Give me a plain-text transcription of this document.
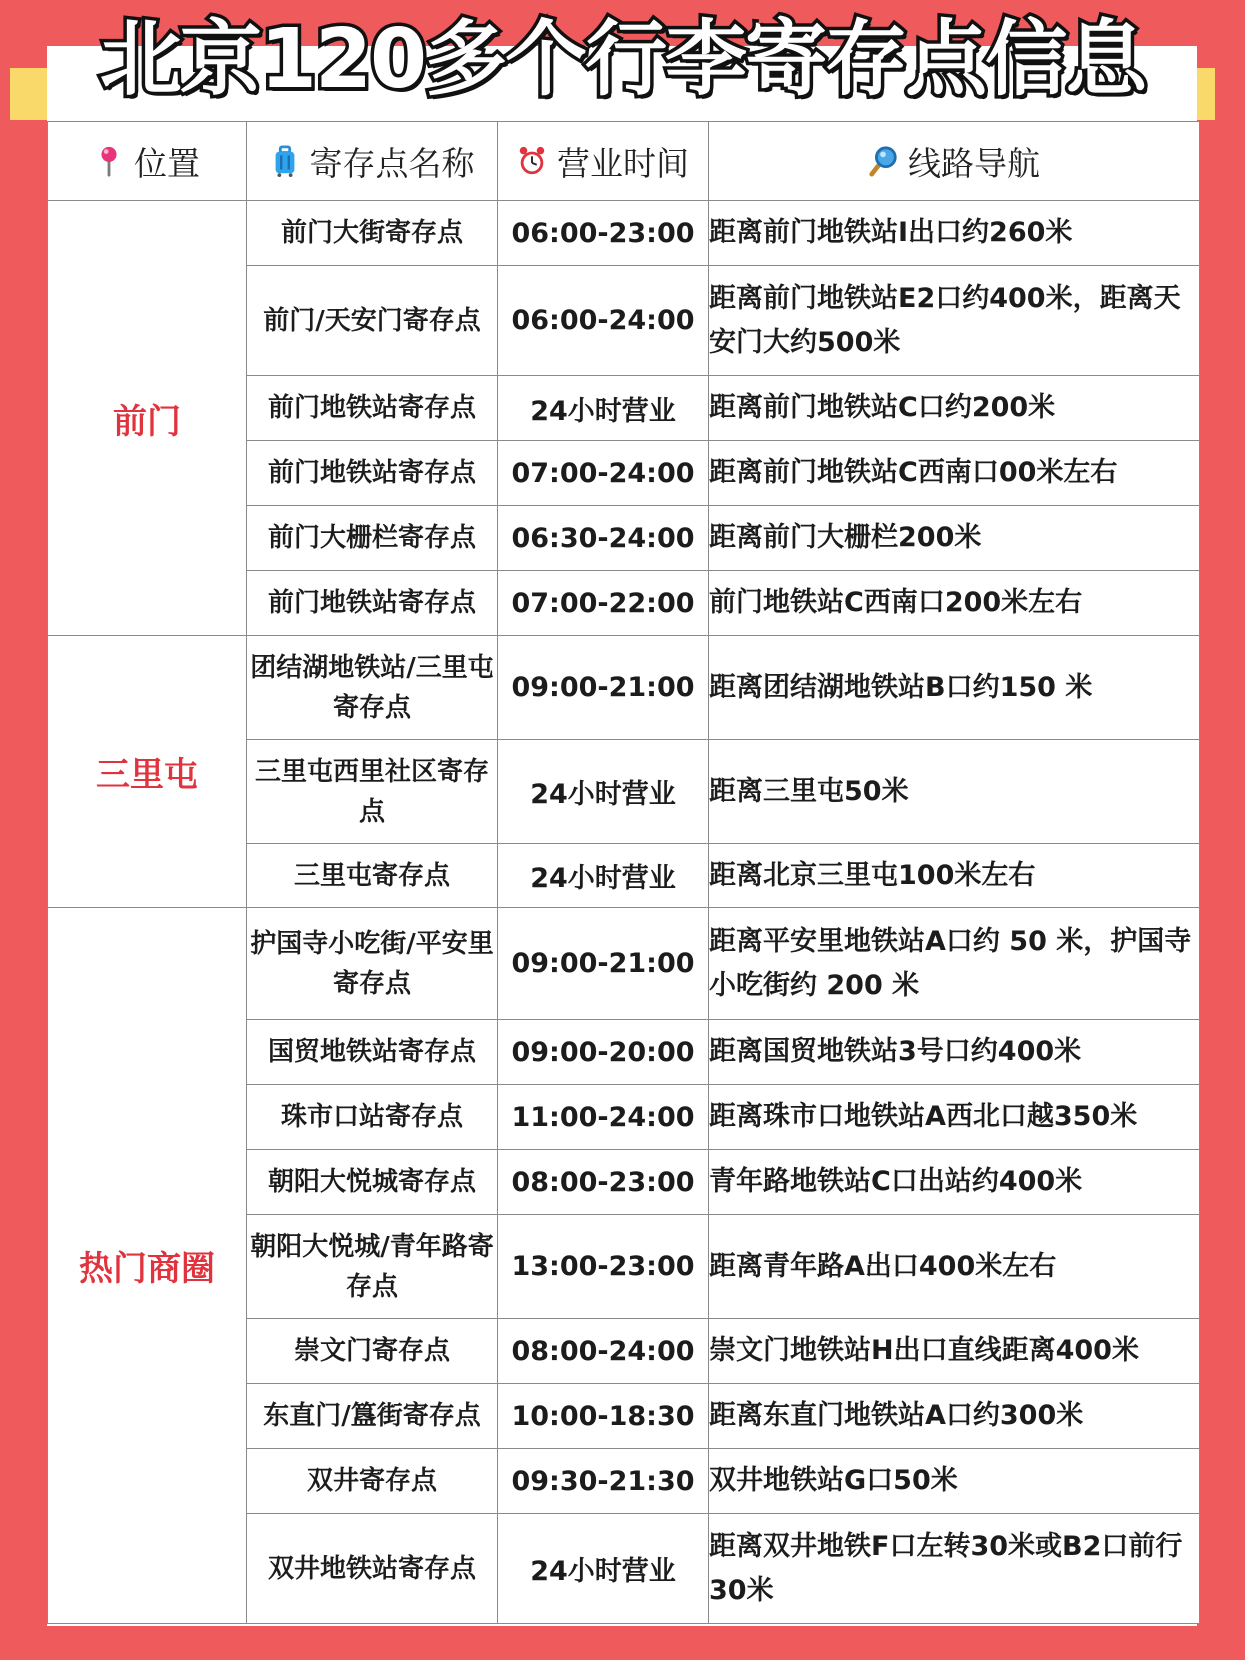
北京120多个行李寄存点信息
位置	寄存点名称	营业时间	线路导航

前门	前门大街寄存点	06:00-23:00	距离前门地铁站I出口约260米
	前门/天安门寄存点	06:00-24:00	距离前门地铁站E2口约400米，距离天安门大约500米
	前门地铁站寄存点	24小时营业	距离前门地铁站C口约200米
	前门地铁站寄存点	07:00-24:00	距离前门地铁站C西南口00米左右
	前门大栅栏寄存点	06:30-24:00	距离前门大栅栏200米
	前门地铁站寄存点	07:00-22:00	前门地铁站C西南口200米左右
三里屯	团结湖地铁站/三里屯寄存点	09:00-21:00	距离团结湖地铁站B口约150 米
	三里屯西里社区寄存点	24小时营业	距离三里屯50米
	三里屯寄存点	24小时营业	距离北京三里屯100米左右
热门商圈	护国寺小吃街/平安里寄存点	09:00-21:00	距离平安里地铁站A口约 50 米，护国寺小吃街约 200 米
	国贸地铁站寄存点	09:00-20:00	距离国贸地铁站3号口约400米
	珠市口站寄存点	11:00-24:00	距离珠市口地铁站A西北口越350米
	朝阳大悦城寄存点	08:00-23:00	青年路地铁站C口出站约400米
	朝阳大悦城/青年路寄存点	13:00-23:00	距离青年路A出口400米左右
	崇文门寄存点	08:00-24:00	崇文门地铁站H出口直线距离400米
	东直门/簋街寄存点	10:00-18:30	距离东直门地铁站A口约300米
	双井寄存点	09:30-21:30	双井地铁站G口50米
	双井地铁站寄存点	24小时营业	距离双井地铁F口左转30米或B2口前行30米
